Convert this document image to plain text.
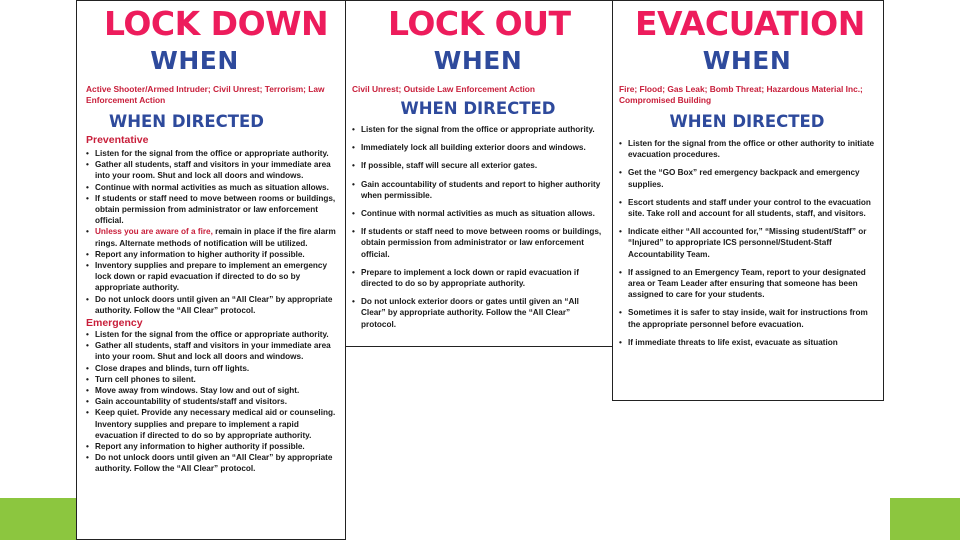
LOCK DOWN
WHEN
Active Shooter/Armed Intruder; Civil Unrest; Terrorism; Law Enforcement Action
WHEN DIRECTED
Preventative
• Listen for the signal from the office or appropriate authority.
• Gather all students, staff and visitors in your immediate area into your room. Shut and lock all doors and windows.
• Continue with normal activities as much as situation allows.
• If students or staff need to move between rooms or buildings, obtain permission from administrator or law enforcement official.
• Unless you are aware of a fire, remain in place if the fire alarm rings. Alternate methods of notification will be utilized.
• Report any information to higher authority if possible.
• Inventory supplies and prepare to implement an emergency lock down or rapid evacuation if directed to do so by appropriate authority.
• Do not unlock doors until given an “All Clear” by appropriate authority. Follow the “All Clear” protocol.
Emergency
• Listen for the signal from the office or appropriate authority.
• Gather all students, staff and visitors in your immediate area into your room. Shut and lock all doors and windows.
• Close drapes and blinds, turn off lights.
• Turn cell phones to silent.
• Move away from windows. Stay low and out of sight.
• Gain accountability of students/staff and visitors.
• Keep quiet. Provide any necessary medical aid or counseling. Inventory supplies and prepare to implement a rapid evacuation if directed to do so by appropriate authority.
• Report any information to higher authority if possible.
• Do not unlock doors until given an “All Clear” by appropriate authority. Follow the “All Clear” protocol.
LOCK OUT
WHEN
Civil Unrest; Outside Law Enforcement Action
WHEN DIRECTED
• Listen for the signal from the office or appropriate authority.
• Immediately lock all building exterior doors and windows.
• If possible, staff will secure all exterior gates.
• Gain accountability of students and report to higher authority when permissible.
• Continue with normal activities as much as situation allows.
• If students or staff need to move between rooms or buildings, obtain permission from administrator or law enforcement official.
• Prepare to implement a lock down or rapid evacuation if directed to do so by appropriate authority.
• Do not unlock exterior doors or gates until given an “All Clear” by appropriate authority. Follow the “All Clear” protocol.
EVACUATION
WHEN
Fire; Flood; Gas Leak; Bomb Threat; Hazardous Material Inc.; Compromised Building
WHEN DIRECTED
• Listen for the signal from the office or other authority to initiate evacuation procedures.
• Get the “GO Box” red emergency backpack and emergency supplies.
• Escort students and staff under your control to the evacuation site. Take roll and account for all students, staff, and visitors.
• Indicate either “All accounted for,” “Missing student/Staff” or “Injured” to appropriate ICS personnel/Student-Staff Accountability Team.
• If assigned to an Emergency Team, report to your designated area or Team Leader after ensuring that someone has been assigned to care for your students.
• Sometimes it is safer to stay inside, wait for instructions from the appropriate personnel before evacuation.
• If immediate threats to life exist, evacuate as situation
